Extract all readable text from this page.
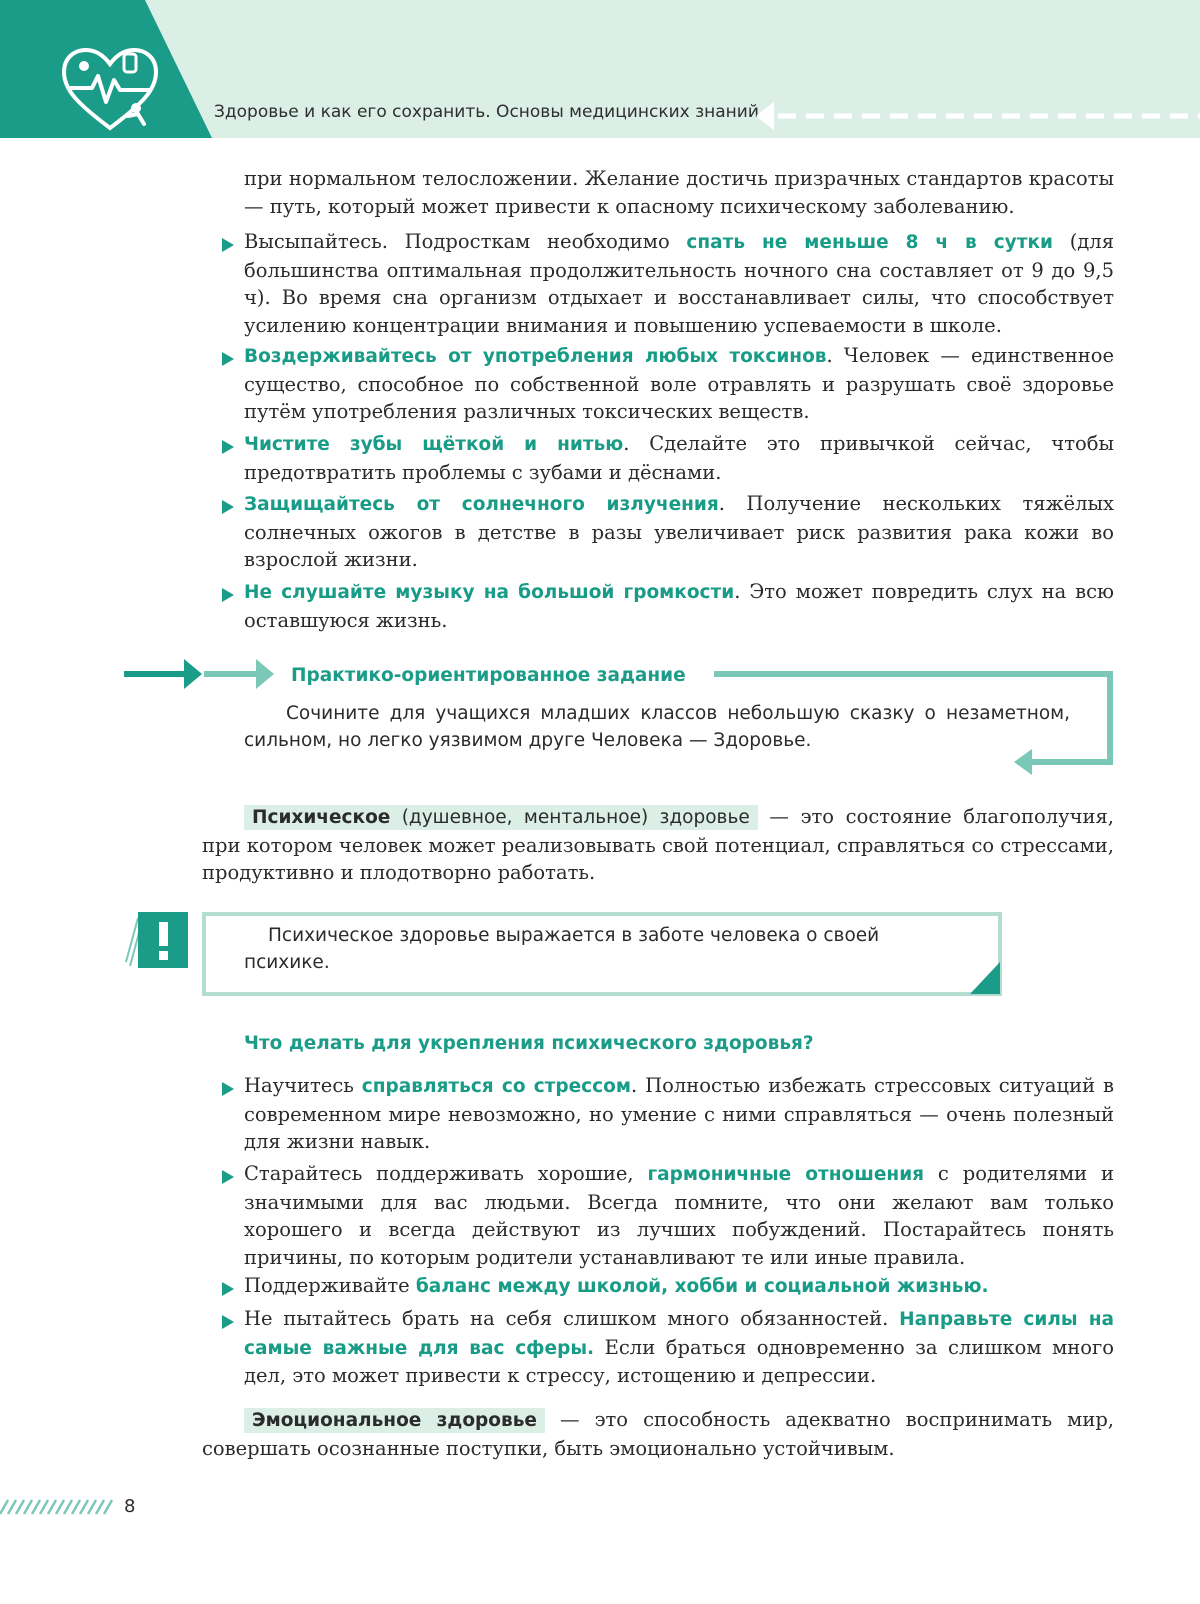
Здоровье и как его сохранить. Основы медицинских знаний

при нормальном телосложении. Желание достичь призрачных стандартов красоты — путь, который может привести к опасному психическому заболеванию.

Высыпайтесь. Подросткам необходимо спать не меньше 8 ч в сутки (для большинства оптимальная продолжительность ночного сна составляет от 9 до 9,5 ч). Во время сна организм отдыхает и восстанавливает силы, что способствует усилению концентрации внимания и повышению успеваемости в школе.

Воздерживайтесь от употребления любых токсинов. Человек — единственное существо, способное по собственной воле отравлять и разрушать своё здоровье путём употребления различных токсических веществ.

Чистите зубы щёткой и нитью. Сделайте это привычкой сейчас, чтобы предотвратить проблемы с зубами и дёснами.

Защищайтесь от солнечного излучения. Получение нескольких тяжёлых солнечных ожогов в детстве в разы увеличивает риск развития рака кожи во взрослой жизни.

Не слушайте музыку на большой громкости. Это может повредить слух на всю оставшуюся жизнь.

Практико-ориентированное задание

Сочините для учащихся младших классов небольшую сказку о незаметном, сильном, но легко уязвимом друге Человека — Здоровье.

Психическое (душевное, ментальное) здоровье — это состояние благополучия, при котором человек может реализовывать свой потенциал, справляться со стрессами, продуктивно и плодотворно работать.

Психическое здоровье выражается в заботе человека о своей психике.

Что делать для укрепления психического здоровья?

Научитесь справляться со стрессом. Полностью избежать стрессовых ситуаций в современном мире невозможно, но умение с ними справляться — очень полезный для жизни навык.

Старайтесь поддерживать хорошие, гармоничные отношения с родителями и значимыми для вас людьми. Всегда помните, что они желают вам только хорошего и всегда действуют из лучших побуждений. Постарайтесь понять причины, по которым родители устанавливают те или иные правила.

Поддерживайте баланс между школой, хобби и социальной жизнью.

Не пытайтесь брать на себя слишком много обязанностей. Направьте силы на самые важные для вас сферы. Если браться одновременно за слишком много дел, это может привести к стрессу, истощению и депрессии.

Эмоциональное здоровье — это способность адекватно воспринимать мир, совершать осознанные поступки, быть эмоционально устойчивым.

8
